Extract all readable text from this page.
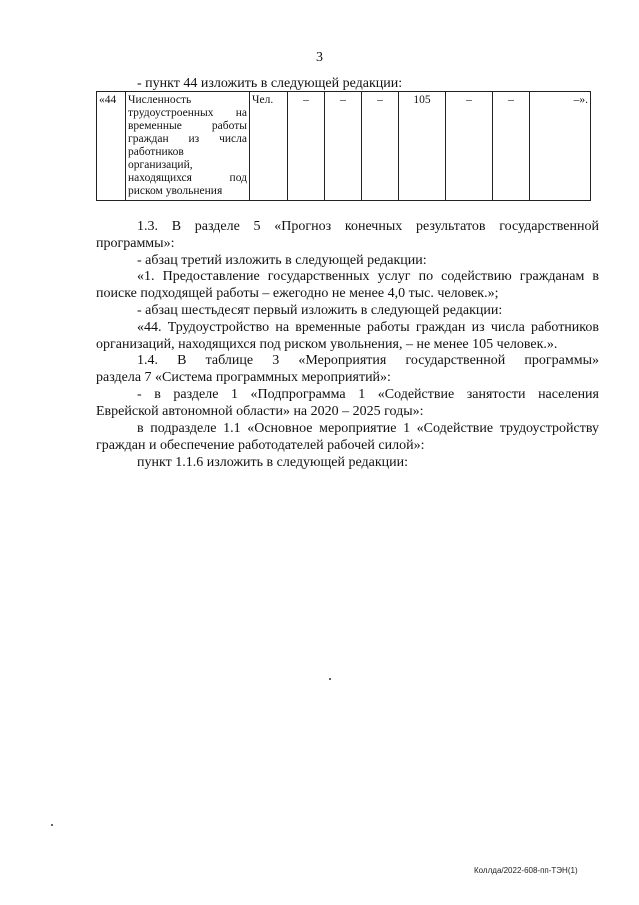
3
- пункт 44 изложить в следующей редакции:
«44	Численность
трудоустроенных на
временные работы
граждан из числа
работников
организаций,
находящихся под
риском увольнения
	Чел.	–	–	–	105	–	–	–».
1.3. В разделе 5 «Прогноз конечных результатов государственной
программы»:
- абзац третий изложить в следующей редакции:
«1. Предоставление государственных услуг по содействию гражданам в
поиске подходящей работы – ежегодно не менее 4,0 тыс. человек.»;
- абзац шестьдесят первый изложить в следующей редакции:
«44. Трудоустройство на временные работы граждан из числа работников
организаций, находящихся под риском увольнения, – не менее 105 человек.».
1.4. В таблице 3 «Мероприятия государственной программы»
раздела 7 «Система программных мероприятий»:
- в разделе 1 «Подпрограмма 1 «Содействие занятости населения
Еврейской автономной области» на 2020 – 2025 годы»:
в подразделе 1.1 «Основное мероприятие 1 «Содействие трудоустройству
граждан и обеспечение работодателей рабочей силой»:
пункт 1.1.6 изложить в следующей редакции:
Коллда/2022-608-пп-ТЭН(1)
